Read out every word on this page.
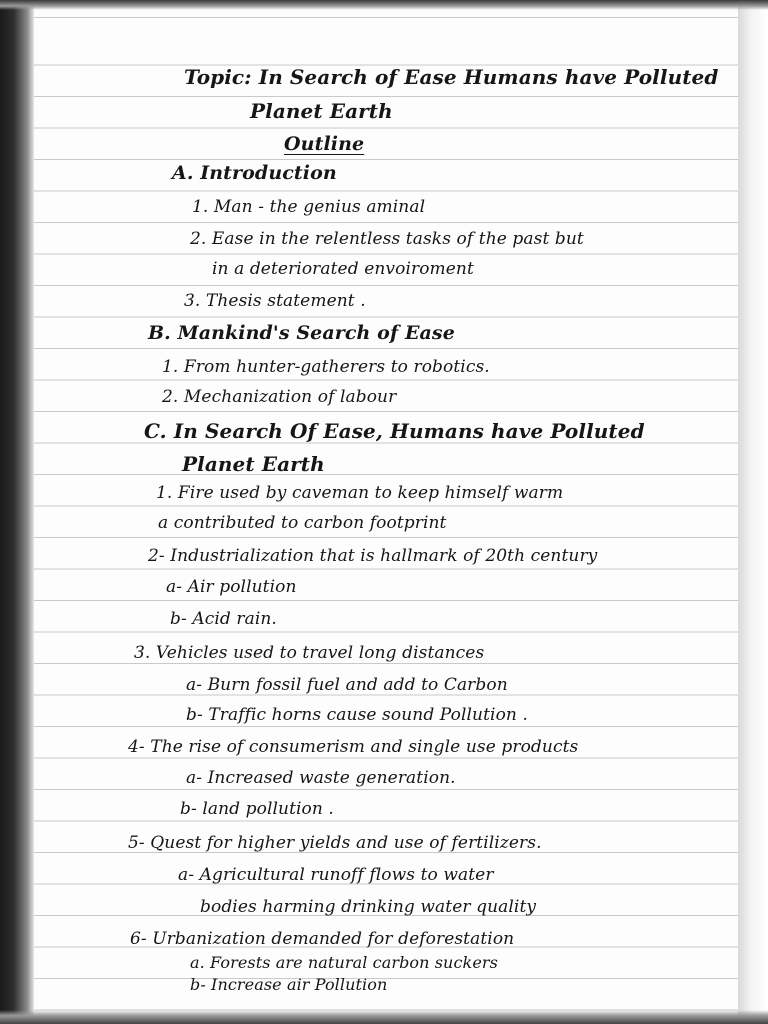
Topic: In Search of Ease Humans have Polluted
Planet Earth
Outline
A. Introduction
1. Man - the genius aminal
2. Ease in the relentless tasks of the past but
in a deteriorated envoiroment
3. Thesis statement .
B. Mankind's Search of Ease
1. From hunter-gatherers to robotics.
2. Mechanization of labour
C. In Search Of Ease, Humans have Polluted
Planet Earth
1. Fire used by caveman to keep himself warm
a contributed to carbon footprint
2- Industrialization that is hallmark of 20th century
a- Air pollution
b- Acid rain.
3. Vehicles used to travel long distances
a- Burn fossil fuel and add to Carbon
b- Traffic horns cause sound Pollution .
4- The rise of consumerism and single use products
a- Increased waste generation.
b- land pollution .
5- Quest for higher yields and use of fertilizers.
a- Agricultural runoff flows to water
bodies harming drinking water quality
6- Urbanization demanded for deforestation
a. Forests are natural carbon suckers
b- Increase air Pollution
